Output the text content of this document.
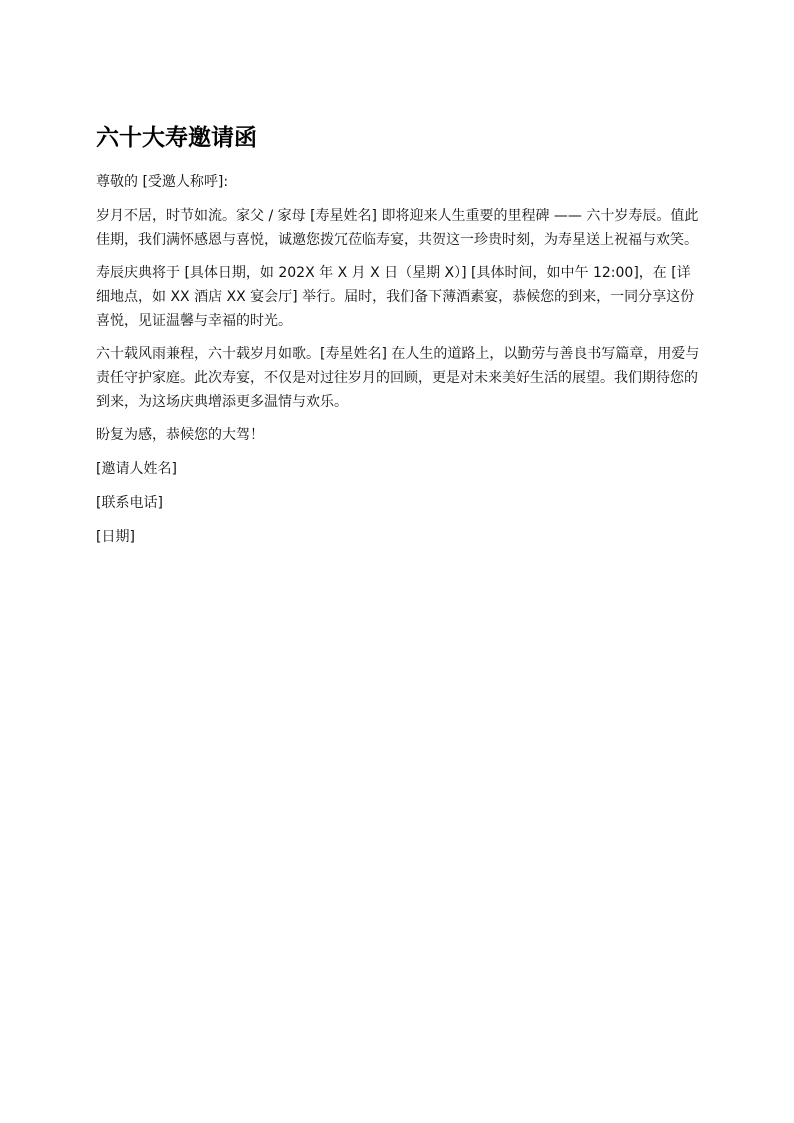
六十大寿邀请函

尊敬的 [受邀人称呼]:

岁月不居，时节如流。家父 / 家母 [寿星姓名] 即将迎来人生重要的里程碑 —— 六十岁寿辰。值此佳期，我们满怀感恩与喜悦，诚邀您拨冗莅临寿宴，共贺这一珍贵时刻，为寿星送上祝福与欢笑。

寿辰庆典将于 [具体日期，如 202X 年 X 月 X 日（星期 X）] [具体时间，如中午 12:00]，在 [详细地点，如 XX 酒店 XX 宴会厅] 举行。届时，我们备下薄酒素宴，恭候您的到来，一同分享这份喜悦，见证温馨与幸福的时光。

六十载风雨兼程，六十载岁月如歌。[寿星姓名] 在人生的道路上，以勤劳与善良书写篇章，用爱与责任守护家庭。此次寿宴，不仅是对过往岁月的回顾，更是对未来美好生活的展望。我们期待您的到来，为这场庆典增添更多温情与欢乐。

盼复为感，恭候您的大驾！

[邀请人姓名]

[联系电话]

[日期]
